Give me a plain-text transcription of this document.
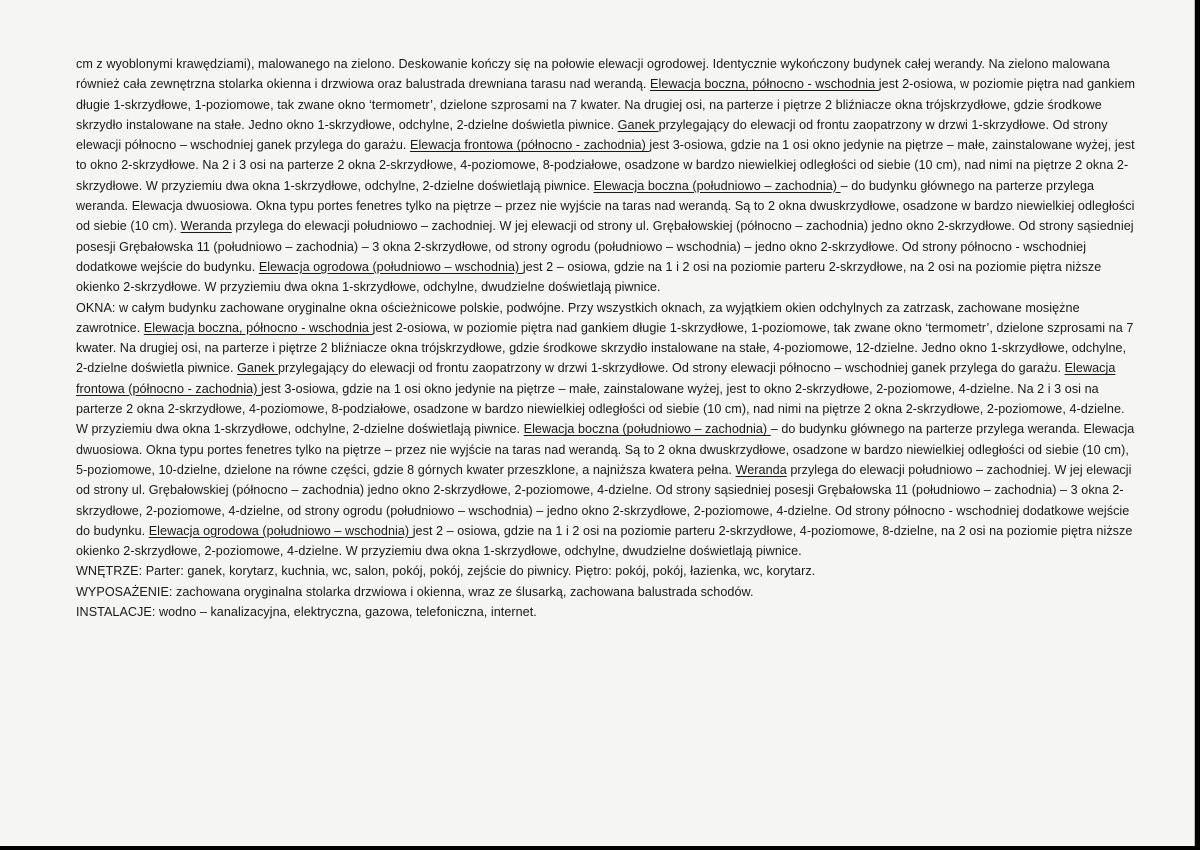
cm z wyoblonymi krawędziami), malowanego na zielono. Deskowanie kończy się na połowie elewacji ogrodowej. Identycznie wykończony budynek całej werandy. Na zielono malowana również cała zewnętrzna stolarka okienna i drzwiowa oraz balustrada drewniana tarasu nad werandą. Elewacja boczna, północno - wschodnia jest 2-osiowa, w poziomie piętra nad gankiem długie 1-skrzydłowe, 1-poziomowe, tak zwane okno ‘termometr’, dzielone szprosami na 7 kwater. Na drugiej osi, na parterze i piętrze 2 bliźniacze okna trójskrzydłowe, gdzie środkowe skrzydło instalowane na stałe. Jedno okno 1-skrzydłowe, odchylne, 2-dzielne doświetla piwnice. Ganek przylegający do elewacji od frontu zaopatrzony w drzwi 1-skrzydłowe. Od strony elewacji północno – wschodniej ganek przylega do garażu. Elewacja frontowa (północno - zachodnia) jest 3-osiowa, gdzie na 1 osi okno jedynie na piętrze – małe, zainstalowane wyżej, jest to okno 2-skrzydłowe. Na 2 i 3 osi na parterze 2 okna 2-skrzydłowe, 4-poziomowe, 8-podziałowe, osadzone w bardzo niewielkiej odległości od siebie (10 cm), nad nimi na piętrze 2 okna 2-skrzydłowe. W przyziemiu dwa okna 1-skrzydłowe, odchylne, 2-dzielne doświetlają piwnice. Elewacja boczna (południowo – zachodnia) – do budynku głównego na parterze przylega weranda. Elewacja dwuosiowa. Okna typu portes fenetres tylko na piętrze – przez nie wyjście na taras nad werandą. Są to 2 okna dwuskrzydłowe, osadzone w bardzo niewielkiej odległości od siebie (10 cm). Weranda przylega do elewacji południowo – zachodniej. W jej elewacji od strony ul. Grębałowskiej (północno – zachodnia) jedno okno 2-skrzydłowe. Od strony sąsiedniej posesji Grębałowska 11 (południowo – zachodnia) – 3 okna 2-skrzydłowe, od strony ogrodu (południowo – wschodnia) – jedno okno 2-skrzydłowe. Od strony północno - wschodniej dodatkowe wejście do budynku. Elewacja ogrodowa (południowo – wschodnia) jest 2 – osiowa, gdzie na 1 i 2 osi na poziomie parteru 2-skrzydłowe, na 2 osi na poziomie piętra niższe okienko 2-skrzydłowe. W przyziemiu dwa okna 1-skrzydłowe, odchylne, dwudzielne doświetlają piwnice.

OKNA: w całym budynku zachowane oryginalne okna ościeżnicowe polskie, podwójne. Przy wszystkich oknach, za wyjątkiem okien odchylnych za zatrzask, zachowane mosiężne zawrotnice. Elewacja boczna, północno - wschodnia jest 2-osiowa, w poziomie piętra nad gankiem długie 1-skrzydłowe, 1-poziomowe, tak zwane okno ‘termometr’, dzielone szprosami na 7 kwater. Na drugiej osi, na parterze i piętrze 2 bliźniacze okna trójskrzydłowe, gdzie środkowe skrzydło instalowane na stałe, 4-poziomowe, 12-dzielne. Jedno okno 1-skrzydłowe, odchylne, 2-dzielne doświetla piwnice. Ganek przylegający do elewacji od frontu zaopatrzony w drzwi 1-skrzydłowe. Od strony elewacji północno – wschodniej ganek przylega do garażu. Elewacja frontowa (północno - zachodnia) jest 3-osiowa, gdzie na 1 osi okno jedynie na piętrze – małe, zainstalowane wyżej, jest to okno 2-skrzydłowe, 2-poziomowe, 4-dzielne. Na 2 i 3 osi na parterze 2 okna 2-skrzydłowe, 4-poziomowe, 8-podziałowe, osadzone w bardzo niewielkiej odległości od siebie (10 cm), nad nimi na piętrze 2 okna 2-skrzydłowe, 2-poziomowe, 4-dzielne. W przyziemiu dwa okna 1-skrzydłowe, odchylne, 2-dzielne doświetlają piwnice. Elewacja boczna (południowo – zachodnia) – do budynku głównego na parterze przylega weranda. Elewacja dwuosiowa. Okna typu portes fenetres tylko na piętrze – przez nie wyjście na taras nad werandą. Są to 2 okna dwuskrzydłowe, osadzone w bardzo niewielkiej odległości od siebie (10 cm), 5-poziomowe, 10-dzielne, dzielone na równe części, gdzie 8 górnych kwater przeszklone, a najniższa kwatera pełna. Weranda przylega do elewacji południowo – zachodniej. W jej elewacji od strony ul. Grębałowskiej (północno – zachodnia) jedno okno 2-skrzydłowe, 2-poziomowe, 4-dzielne. Od strony sąsiedniej posesji Grębałowska 11 (południowo – zachodnia) – 3 okna 2-skrzydłowe, 2-poziomowe, 4-dzielne, od strony ogrodu (południowo – wschodnia) – jedno okno 2-skrzydłowe, 2-poziomowe, 4-dzielne. Od strony północno - wschodniej dodatkowe wejście do budynku. Elewacja ogrodowa (południowo – wschodnia) jest 2 – osiowa, gdzie na 1 i 2 osi na poziomie parteru 2-skrzydłowe, 4-poziomowe, 8-dzielne, na 2 osi na poziomie piętra niższe okienko 2-skrzydłowe, 2-poziomowe, 4-dzielne. W przyziemiu dwa okna 1-skrzydłowe, odchylne, dwudzielne doświetlają piwnice.

WNĘTRZE: Parter: ganek, korytarz, kuchnia, wc, salon, pokój, pokój, zejście do piwnicy. Piętro: pokój, pokój, łazienka, wc, korytarz.

WYPOSAŻENIE: zachowana oryginalna stolarka drzwiowa i okienna, wraz ze ślusarką, zachowana balustrada schodów.

INSTALACJE: wodno – kanalizacyjna, elektryczna, gazowa, telefoniczna, internet.
